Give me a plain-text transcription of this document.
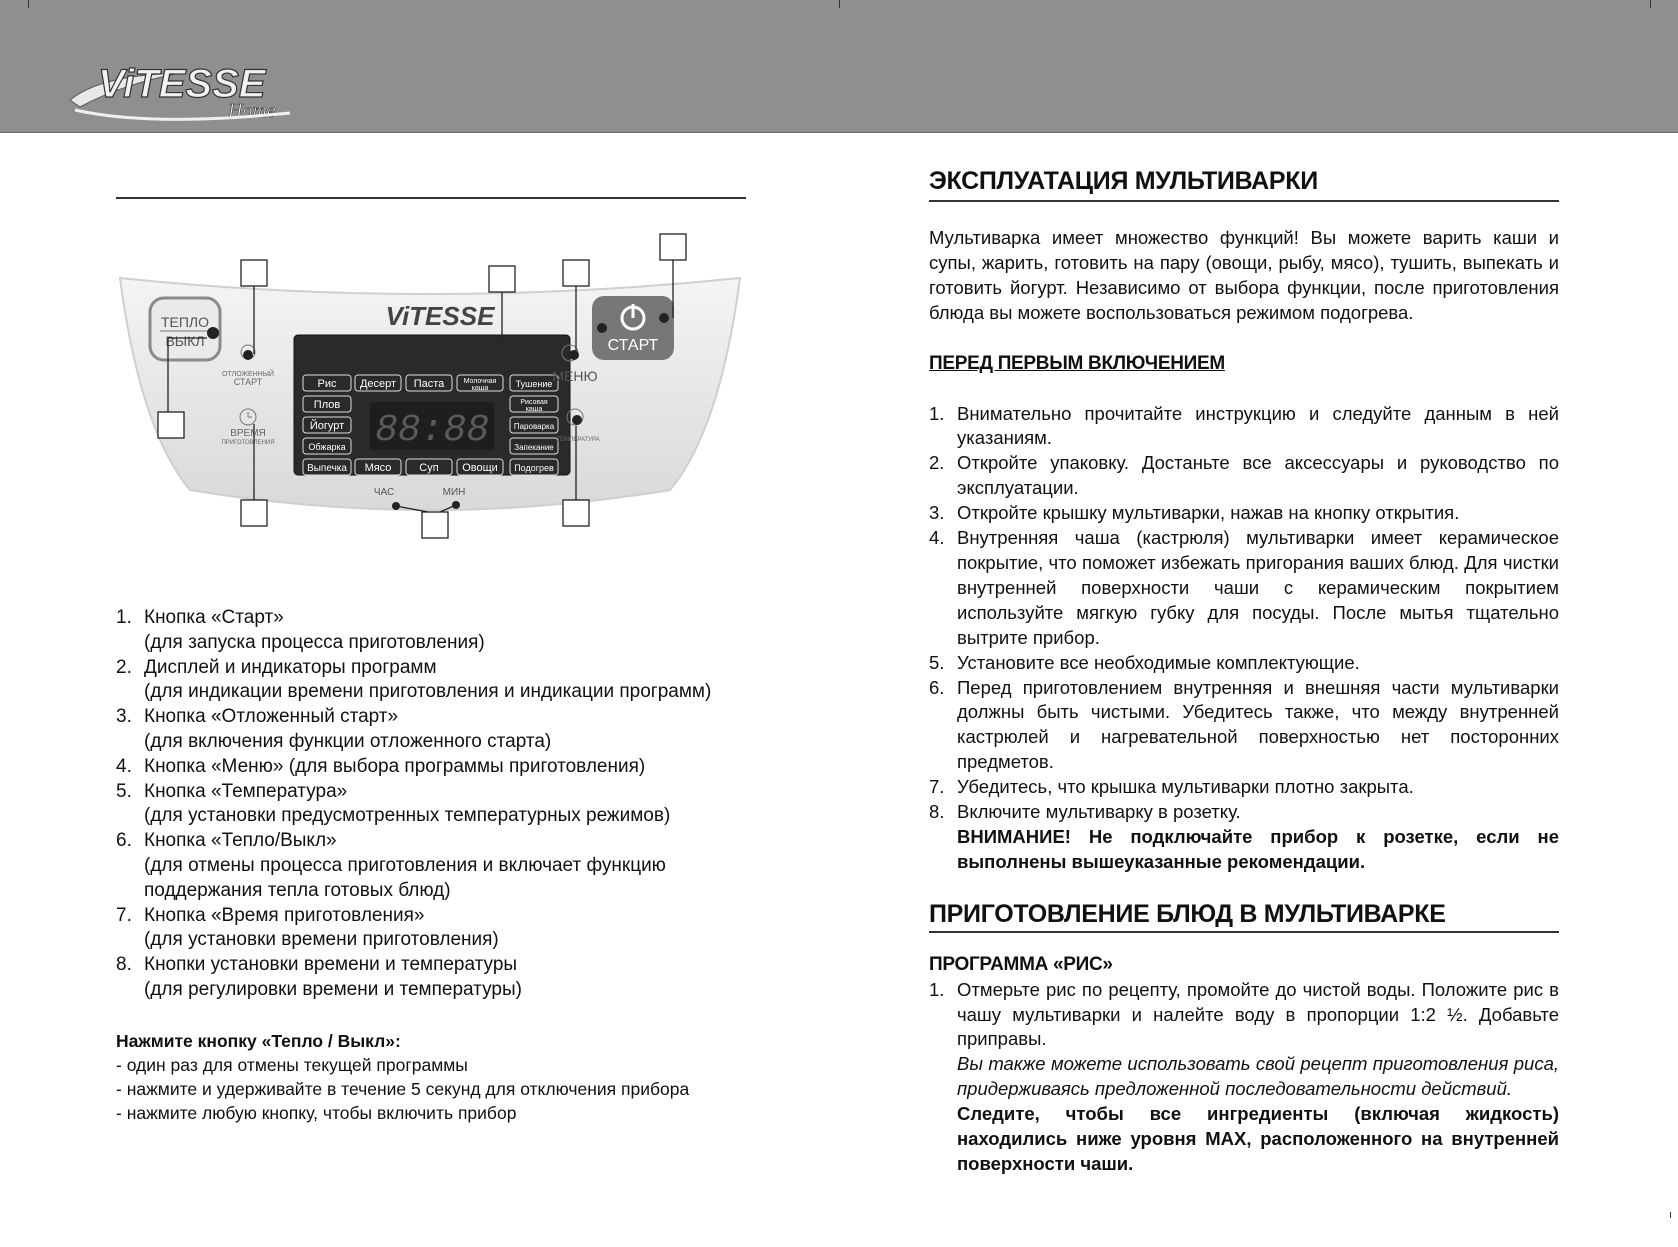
ViTESSE
Home
ViTESSE
Рис Десерт Паста	Молочная
каша	Тушение
Плов
Йогурт
Обжарка
Рисовая
каша
Пароварка
Запекание
Выпечка Мясо	Суп Овощи Подогрев
88:88
ТЕПЛО
ВЫКЛ	СТАРТ
ОТЛОЖЕННЫЙ
СТАРТ
ВРЕМЯ
ПРИГОТОВЛЕНИЯ
МЕНЮ
ТЕМПЕРАТУРА
ЧАС	МИН
1. Кнопка «Старт»
(для запуска процесса приготовления)
2. Дисплей и индикаторы программ
(для индикации времени приготовления и индикации программ)
3. Кнопка «Отложенный старт»
(для включения функции отложенного старта)
4. Кнопка «Меню» (для выбора программы приготовления)
5. Кнопка «Температура»
(для установки предусмотренных температурных режимов)
6. Кнопка «Тепло/Выкл»
(для отмены процесса приготовления и включает функцию
поддержания тепла готовых блюд)
7. Кнопка «Время приготовления»
(для установки времени приготовления)
8. Кнопки установки времени и температуры
(для регулировки времени и температуры)
Нажмите кнопку «Тепло / Выкл»:
- один раз для отмены текущей программы
- нажмите и удерживайте в течение 5 секунд для отключения прибора
- нажмите любую кнопку, чтобы включить прибор
ЭКСПЛУАТАЦИЯ МУЛЬТИВАРКИ

Мультиварка имеет множество функций! Вы можете варить каши и супы, жарить, готовить на пару (овощи, рыбу, мясо), тушить, выпекать и готовить йогурт. Независимо от выбора функции, после приготовления блюда вы можете воспользоваться режимом подогрева.

ПЕРЕД ПЕРВЫМ ВКЛЮЧЕНИЕМ
1. Внимательно прочитайте инструкцию и следуйте данным в ней указаниям.
2. Откройте упаковку. Достаньте все аксессуары и руководство по эксплуатации.
3. Откройте крышку мультиварки, нажав на кнопку открытия.
4. Внутренняя чаша (кастрюля) мультиварки имеет керамическое покрытие, что поможет избежать пригорания ваших блюд. Для чистки внутренней поверхности чаши с керамическим покрытием используйте мягкую губку для посуды. После мытья тщательно вытрите прибор.
5. Установите все необходимые комплектующие.
6. Перед приготовлением внутренняя и внешняя части мультиварки должны быть чистыми. Убедитесь также, что между внутренней кастрюлей и нагревательной поверхностью нет посторонних предметов.
7. Убедитесь, что крышка мультиварки плотно закрыта.
8. Включите мультиварку в розетку.
ВНИМАНИЕ! Не подключайте прибор к розетке, если не выполнены вышеуказанные рекомендации.
ПРИГОТОВЛЕНИЕ БЛЮД В МУЛЬТИВАРКЕ
ПРОГРАММА «РИС»
1. Отмерьте рис по рецепту, промойте до чистой воды. Положите рис в чашу мультиварки и налейте воду в пропорции 1:2 ½. Добавьте приправы.
Вы также можете использовать свой рецепт приготовления риса, придерживаясь предложенной последовательности действий.
Следите, чтобы все ингредиенты (включая жидкость) находились ниже уровня MAX, расположенного на внутренней поверхности чаши.
